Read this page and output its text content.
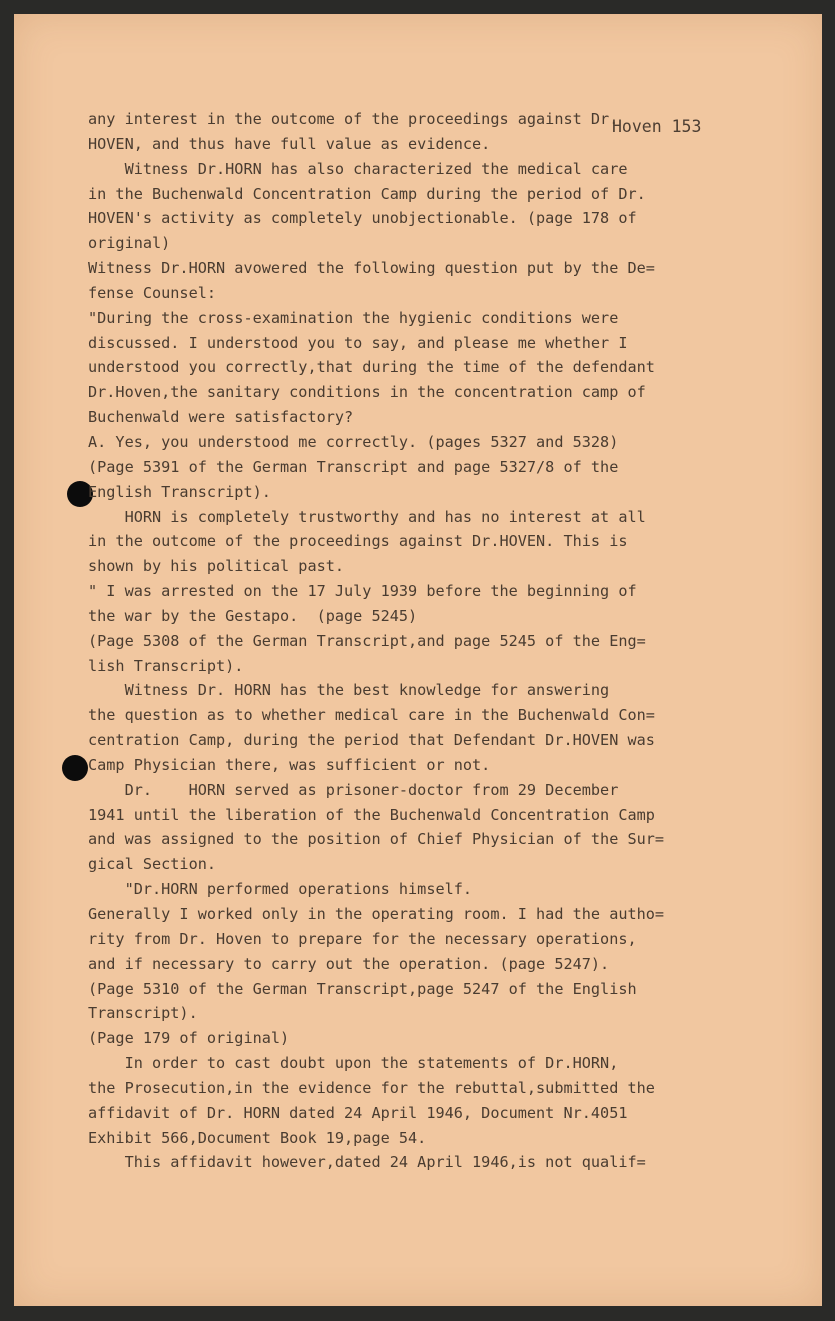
Hoven 153
any interest in the outcome of the proceedings against Dr.
HOVEN, and thus have full value as evidence.
Witness Dr.HORN has also characterized the medical care
in the Buchenwald Concentration Camp during the period of Dr.
HOVEN's activity as completely unobjectionable. (page 178 of
original)
Witness Dr.HORN avowered the following question put by the De=
fense Counsel:
"During the cross-examination the hygienic conditions were
discussed. I understood you to say, and please me whether I
understood you correctly,that during the time of the defendant
Dr.Hoven,the sanitary conditions in the concentration camp of
Buchenwald were satisfactory?
A. Yes, you understood me correctly. (pages 5327 and 5328)
(Page 5391 of the German Transcript and page 5327/8 of the
English Transcript).
HORN is completely trustworthy and has no interest at all
in the outcome of the proceedings against Dr.HOVEN. This is
shown by his political past.
" I was arrested on the 17 July 1939 before the beginning of
the war by the Gestapo.  (page 5245)
(Page 5308 of the German Transcript,and page 5245 of the Eng=
lish Transcript).
Witness Dr. HORN has the best knowledge for answering
the question as to whether medical care in the Buchenwald Con=
centration Camp, during the period that Defendant Dr.HOVEN was
Camp Physician there, was sufficient or not.
Dr.    HORN served as prisoner-doctor from 29 December
1941 until the liberation of the Buchenwald Concentration Camp
and was assigned to the position of Chief Physician of the Sur=
gical Section.
"Dr.HORN performed operations himself.
Generally I worked only in the operating room. I had the autho=
rity from Dr. Hoven to prepare for the necessary operations,
and if necessary to carry out the operation. (page 5247).
(Page 5310 of the German Transcript,page 5247 of the English
Transcript).
(Page 179 of original)
In order to cast doubt upon the statements of Dr.HORN,
the Prosecution,in the evidence for the rebuttal,submitted the
affidavit of Dr. HORN dated 24 April 1946, Document Nr.4051
Exhibit 566,Document Book 19,page 54.
This affidavit however,dated 24 April 1946,is not qualif=
